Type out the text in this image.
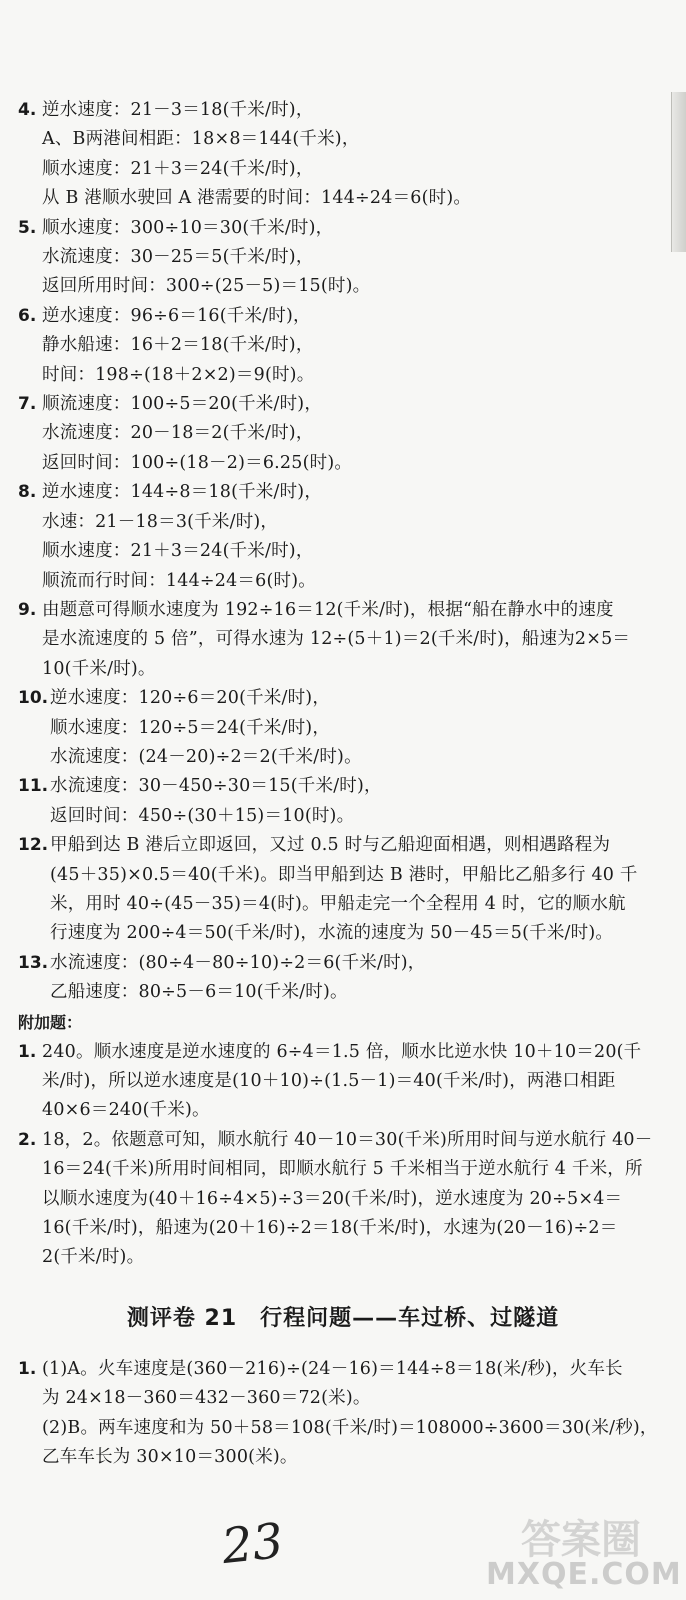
4. 逆水速度：21－3＝18(千米/时)，
A、B两港间相距：18×8＝144(千米)，
顺水速度：21＋3＝24(千米/时)，
从 B 港顺水驶回 A 港需要的时间：144÷24＝6(时)。
5. 顺水速度：300÷10＝30(千米/时)，
水流速度：30－25＝5(千米/时)，
返回所用时间：300÷(25－5)＝15(时)。
6. 逆水速度：96÷6＝16(千米/时)，
静水船速：16＋2＝18(千米/时)，
时间：198÷(18＋2×2)＝9(时)。
7. 顺流速度：100÷5＝20(千米/时)，
水流速度：20－18＝2(千米/时)，
返回时间：100÷(18－2)＝6.25(时)。
8. 逆水速度：144÷8＝18(千米/时)，
水速：21－18＝3(千米/时)，
顺水速度：21＋3＝24(千米/时)，
顺流而行时间：144÷24＝6(时)。
9. 由题意可得顺水速度为 192÷16＝12(千米/时)，根据“船在静水中的速度
是水流速度的 5 倍”，可得水速为 12÷(5＋1)＝2(千米/时)，船速为2×5＝
10(千米/时)。
10. 逆水速度：120÷6＝20(千米/时)，
顺水速度：120÷5＝24(千米/时)，
水流速度：(24－20)÷2＝2(千米/时)。
11. 水流速度：30－450÷30＝15(千米/时)，
返回时间：450÷(30＋15)＝10(时)。
12. 甲船到达 B 港后立即返回，又过 0.5 时与乙船迎面相遇，则相遇路程为
(45＋35)×0.5＝40(千米)。即当甲船到达 B 港时，甲船比乙船多行 40 千
米，用时 40÷(45－35)＝4(时)。甲船走完一个全程用 4 时，它的顺水航
行速度为 200÷4＝50(千米/时)，水流的速度为 50－45＝5(千米/时)。
13. 水流速度：(80÷4－80÷10)÷2＝6(千米/时)，
乙船速度：80÷5－6＝10(千米/时)。
附加题：
1. 240。顺水速度是逆水速度的 6÷4＝1.5 倍，顺水比逆水快 10＋10＝20(千
米/时)，所以逆水速度是(10＋10)÷(1.5－1)＝40(千米/时)，两港口相距
40×6＝240(千米)。
2. 18，2。依题意可知，顺水航行 40－10＝30(千米)所用时间与逆水航行 40－
16＝24(千米)所用时间相同，即顺水航行 5 千米相当于逆水航行 4 千米，所
以顺水速度为(40＋16÷4×5)÷3＝20(千米/时)，逆水速度为 20÷5×4＝
16(千米/时)，船速为(20＋16)÷2＝18(千米/时)，水速为(20－16)÷2＝
2(千米/时)。
测评卷 21　行程问题——车过桥、过隧道
1. (1)A。火车速度是(360－216)÷(24－16)＝144÷8＝18(米/秒)，火车长
为 24×18－360＝432－360＝72(米)。
(2)B。两车速度和为 50＋58＝108(千米/时)＝108000÷3600＝30(米/秒)，
乙车车长为 30×10＝300(米)。
23	答案圈
MXQE.COM
